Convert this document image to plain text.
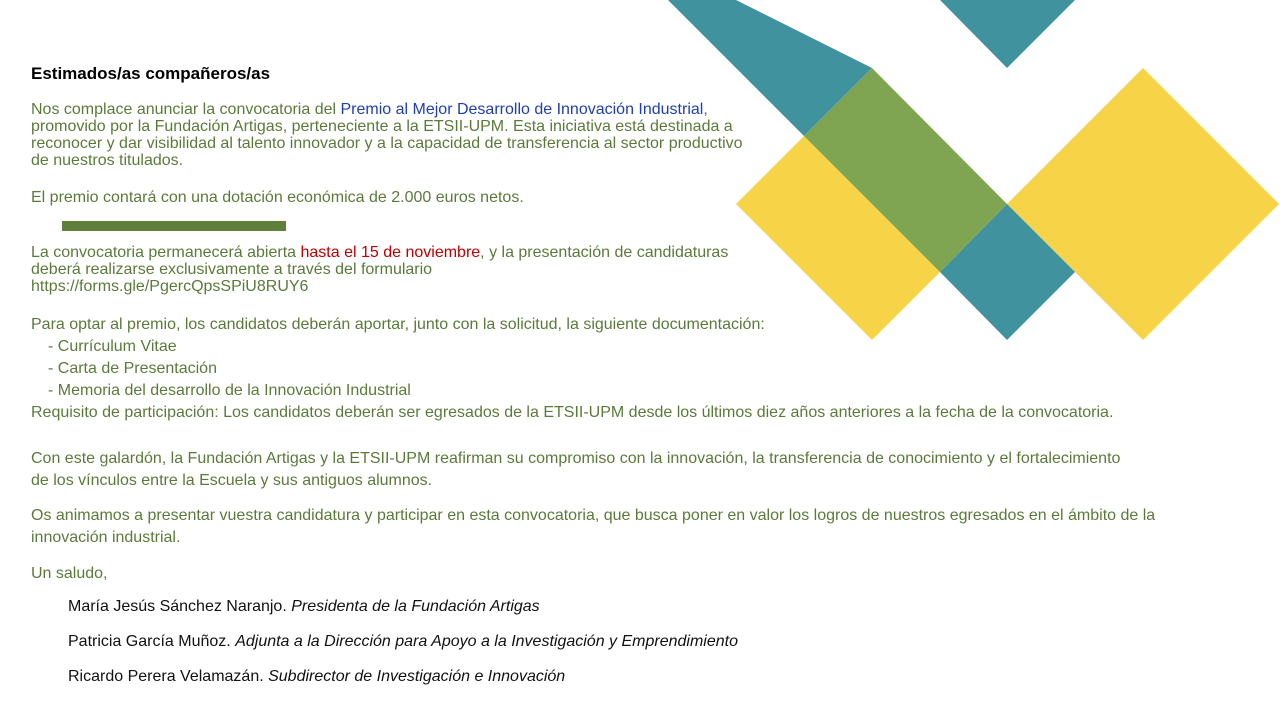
Estimados/as compañeros/as

Nos complace anunciar la convocatoria del Premio al Mejor Desarrollo de Innovación Industrial, promovido por la Fundación Artigas, perteneciente a la ETSII-UPM. Esta iniciativa está destinada a reconocer y dar visibilidad al talento innovador y a la capacidad de transferencia al sector productivo de nuestros titulados.

El premio contará con una dotación económica de 2.000 euros netos.

La convocatoria permanecerá abierta hasta el 15 de noviembre, y la presentación de candidaturas deberá realizarse exclusivamente a través del formulario
https://forms.gle/PgercQpsSPiU8RUY6

Para optar al premio, los candidatos deberán aportar, junto con la solicitud, la siguiente documentación:

- Currículum Vitae

- Carta de Presentación

- Memoria del desarrollo de la Innovación Industrial

Requisito de participación: Los candidatos deberán ser egresados de la ETSII-UPM desde los últimos diez años anteriores a la fecha de la convocatoria.

Con este galardón, la Fundación Artigas y la ETSII-UPM reafirman su compromiso con la innovación, la transferencia de conocimiento y el fortalecimiento de los vínculos entre la Escuela y sus antiguos alumnos.

Os animamos a presentar vuestra candidatura y participar en esta convocatoria, que busca poner en valor los logros de nuestros egresados en el ámbito de la innovación industrial.

Un saludo,

María Jesús Sánchez Naranjo. Presidenta de la Fundación Artigas

Patricia García Muñoz. Adjunta a la Dirección para Apoyo a la Investigación y Emprendimiento

Ricardo Perera Velamazán. Subdirector de Investigación e Innovación
